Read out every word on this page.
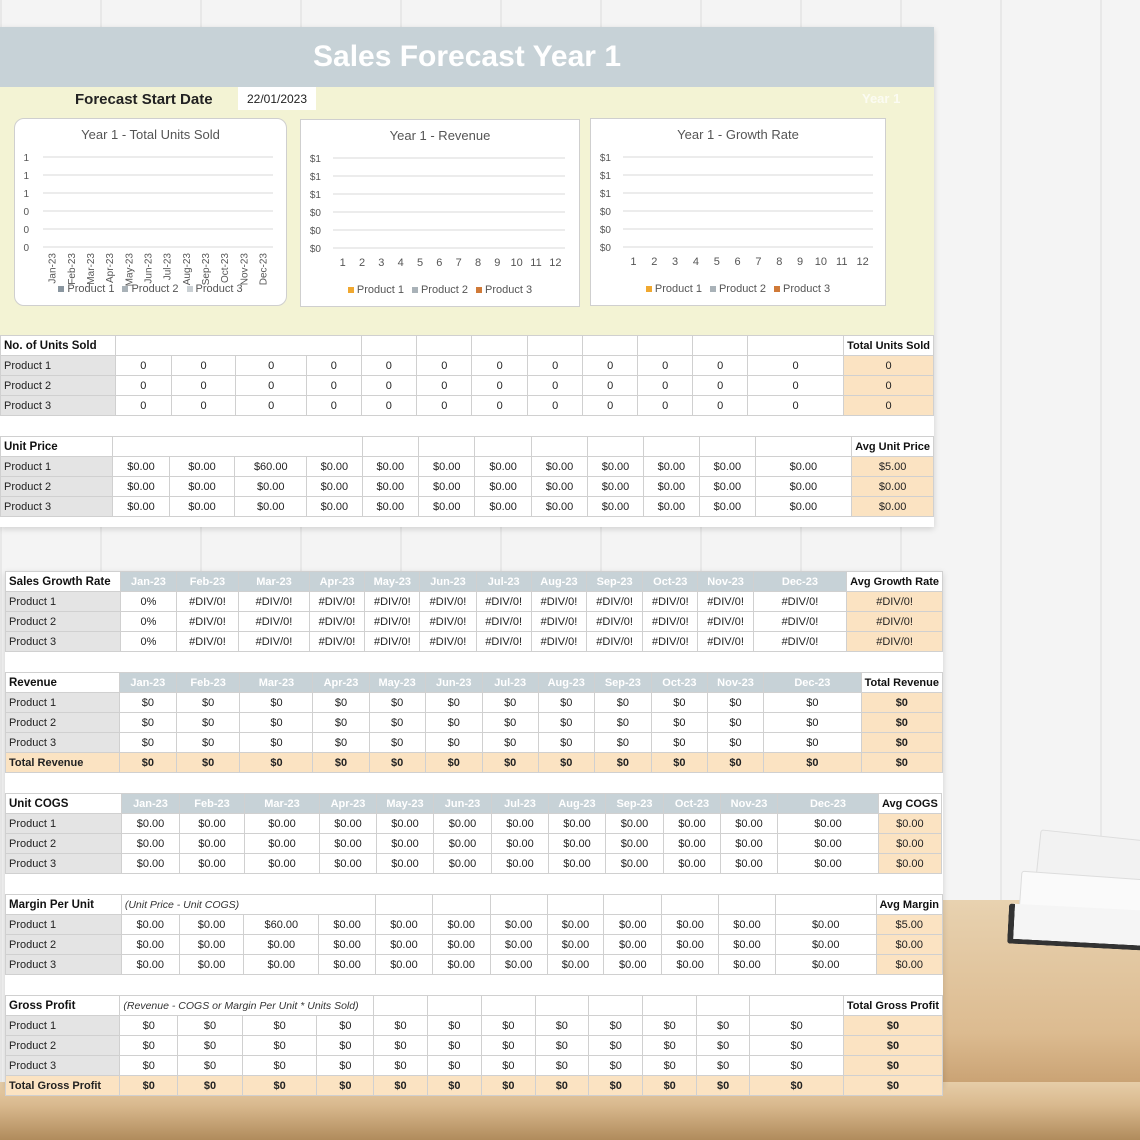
Sales Forecast Year 1
Forecast Start Date	22/01/2023	Year 1
Year 1 - Total Units Sold
1
1
1
0
0
0
Jan-23 Feb-23 Mar-23 Apr-23 May-23 Jun-23 Jul-23 Aug-23 Sep-23 Oct-23 Nov-23 Dec-23
Product 1	Product 2	Product 3
Year 1 - Revenue
$1
$1
$1
$0
$0
$0
1 2 3 4 5 6 7 8 9 10 11 12
Product 1	Product 2	Product 3
Year 1 - Growth Rate
$1
$1
$1
$0
$0
$0
1 2 3 4 5 6 7 8 9 10 11 12
Product 1	Product 2	Product 3
No. of Units Sold													Total Units Sold
Product 1	0	0	0	0	0	0	0	0	0	0	0	0	0
Product 2	0	0	0	0	0	0	0	0	0	0	0	0	0
Product 3	0	0	0	0	0	0	0	0	0	0	0	0	0
Unit Price													Avg Unit Price
Product 1	$0.00	$0.00	$60.00	$0.00	$0.00	$0.00	$0.00	$0.00	$0.00	$0.00	$0.00	$0.00	$5.00
Product 2	$0.00	$0.00	$0.00	$0.00	$0.00	$0.00	$0.00	$0.00	$0.00	$0.00	$0.00	$0.00	$0.00
Product 3	$0.00	$0.00	$0.00	$0.00	$0.00	$0.00	$0.00	$0.00	$0.00	$0.00	$0.00	$0.00	$0.00
Sales Growth Rate	Jan-23	Feb-23	Mar-23	Apr-23	May-23	Jun-23	Jul-23	Aug-23	Sep-23	Oct-23	Nov-23	Dec-23	Avg Growth Rate
Product 1	0%	#DIV/0!	#DIV/0!	#DIV/0!	#DIV/0!	#DIV/0!	#DIV/0!	#DIV/0!	#DIV/0!	#DIV/0!	#DIV/0!	#DIV/0!	#DIV/0!
Product 2	0%	#DIV/0!	#DIV/0!	#DIV/0!	#DIV/0!	#DIV/0!	#DIV/0!	#DIV/0!	#DIV/0!	#DIV/0!	#DIV/0!	#DIV/0!	#DIV/0!
Product 3	0%	#DIV/0!	#DIV/0!	#DIV/0!	#DIV/0!	#DIV/0!	#DIV/0!	#DIV/0!	#DIV/0!	#DIV/0!	#DIV/0!	#DIV/0!	#DIV/0!
Revenue	Jan-23	Feb-23	Mar-23	Apr-23	May-23	Jun-23	Jul-23	Aug-23	Sep-23	Oct-23	Nov-23	Dec-23	Total Revenue
Product 1	$0	$0	$0	$0	$0	$0	$0	$0	$0	$0	$0	$0	$0
Product 2	$0	$0	$0	$0	$0	$0	$0	$0	$0	$0	$0	$0	$0
Product 3	$0	$0	$0	$0	$0	$0	$0	$0	$0	$0	$0	$0	$0
Total Revenue	$0	$0	$0	$0	$0	$0	$0	$0	$0	$0	$0	$0	$0
Unit COGS	Jan-23	Feb-23	Mar-23	Apr-23	May-23	Jun-23	Jul-23	Aug-23	Sep-23	Oct-23	Nov-23	Dec-23	Avg COGS
Product 1	$0.00	$0.00	$0.00	$0.00	$0.00	$0.00	$0.00	$0.00	$0.00	$0.00	$0.00	$0.00	$0.00
Product 2	$0.00	$0.00	$0.00	$0.00	$0.00	$0.00	$0.00	$0.00	$0.00	$0.00	$0.00	$0.00	$0.00
Product 3	$0.00	$0.00	$0.00	$0.00	$0.00	$0.00	$0.00	$0.00	$0.00	$0.00	$0.00	$0.00	$0.00
Margin Per Unit	(Unit Price - Unit COGS)												Avg Margin
Product 1	$0.00	$0.00	$60.00	$0.00	$0.00	$0.00	$0.00	$0.00	$0.00	$0.00	$0.00	$0.00	$5.00
Product 2	$0.00	$0.00	$0.00	$0.00	$0.00	$0.00	$0.00	$0.00	$0.00	$0.00	$0.00	$0.00	$0.00
Product 3	$0.00	$0.00	$0.00	$0.00	$0.00	$0.00	$0.00	$0.00	$0.00	$0.00	$0.00	$0.00	$0.00
Gross Profit	(Revenue - COGS or Margin Per Unit * Units Sold)												Total Gross Profit
Product 1	$0	$0	$0	$0	$0	$0	$0	$0	$0	$0	$0	$0	$0
Product 2	$0	$0	$0	$0	$0	$0	$0	$0	$0	$0	$0	$0	$0
Product 3	$0	$0	$0	$0	$0	$0	$0	$0	$0	$0	$0	$0	$0
Total Gross Profit	$0	$0	$0	$0	$0	$0	$0	$0	$0	$0	$0	$0	$0
